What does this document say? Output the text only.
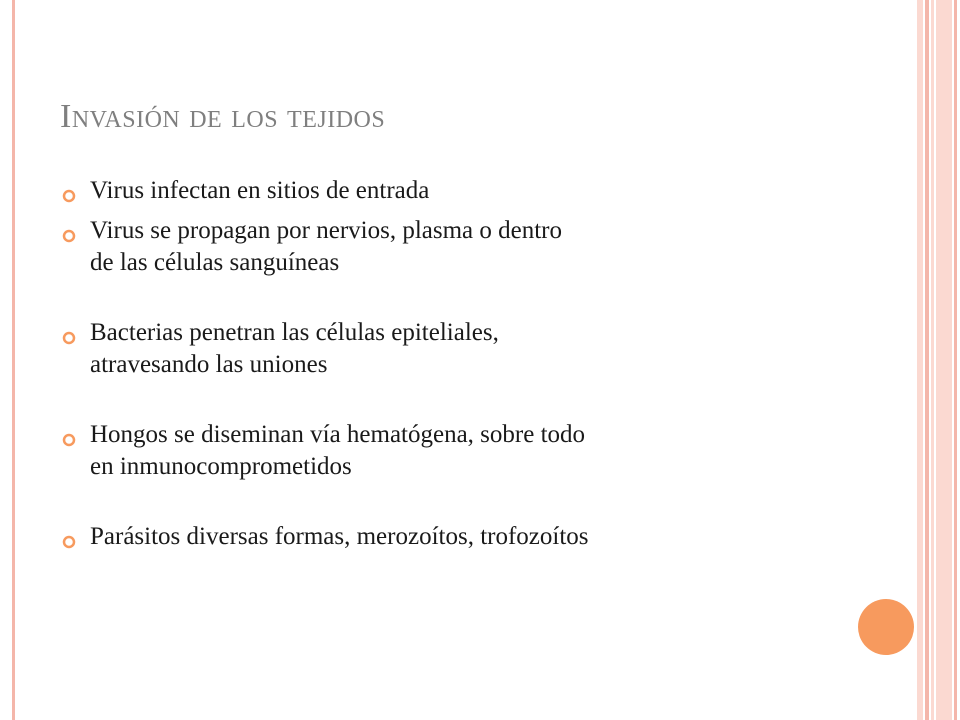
Invasión de los tejidos
Virus infectan en sitios de entrada
Virus se propagan por nervios, plasma o dentro
de las células sanguíneas
Bacterias penetran las células epiteliales,
atravesando las uniones
Hongos se diseminan vía hematógena, sobre todo
en inmunocomprometidos
Parásitos diversas formas, merozoítos, trofozoítos
